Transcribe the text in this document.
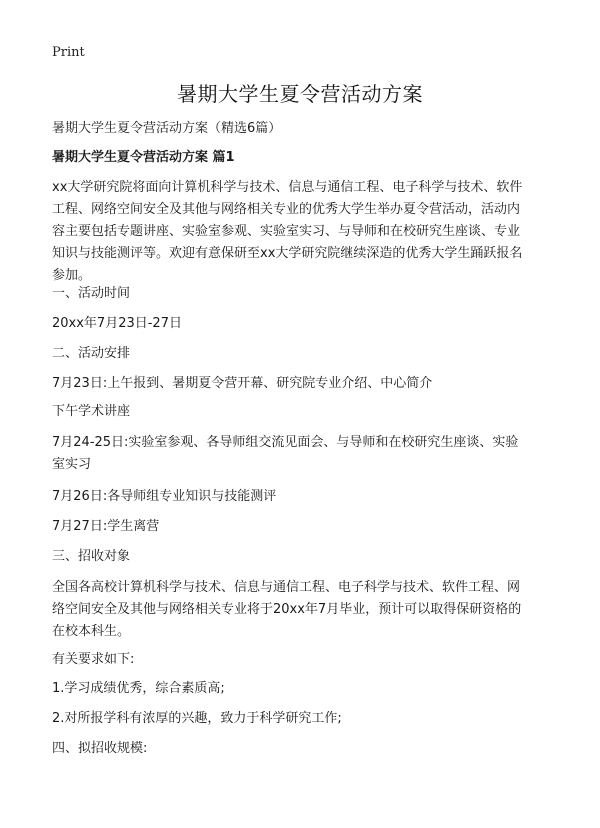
Print
暑期大学生夏令营活动方案

暑期大学生夏令营活动方案（精选6篇）

暑期大学生夏令营活动方案 篇1

xx大学研究院将面向计算机科学与技术、信息与通信工程、电子科学与技术、软件

工程、网络空间安全及其他与网络相关专业的优秀大学生举办夏令营活动，活动内

容主要包括专题讲座、实验室参观、实验室实习、与导师和在校研究生座谈、专业

知识与技能测评等。欢迎有意保研至xx大学研究院继续深造的优秀大学生踊跃报名

参加。

一、活动时间

20xx年7月23日-27日

二、活动安排

7月23日:上午报到、暑期夏令营开幕、研究院专业介绍、中心简介

下午学术讲座

7月24-25日:实验室参观、各导师组交流见面会、与导师和在校研究生座谈、实验

室实习

7月26日:各导师组专业知识与技能测评

7月27日:学生离营

三、招收对象

全国各高校计算机科学与技术、信息与通信工程、电子科学与技术、软件工程、网

络空间安全及其他与网络相关专业将于20xx年7月毕业，预计可以取得保研资格的

在校本科生。

有关要求如下:

1.学习成绩优秀，综合素质高;

2.对所报学科有浓厚的兴趣，致力于科学研究工作;

四、拟招收规模:
